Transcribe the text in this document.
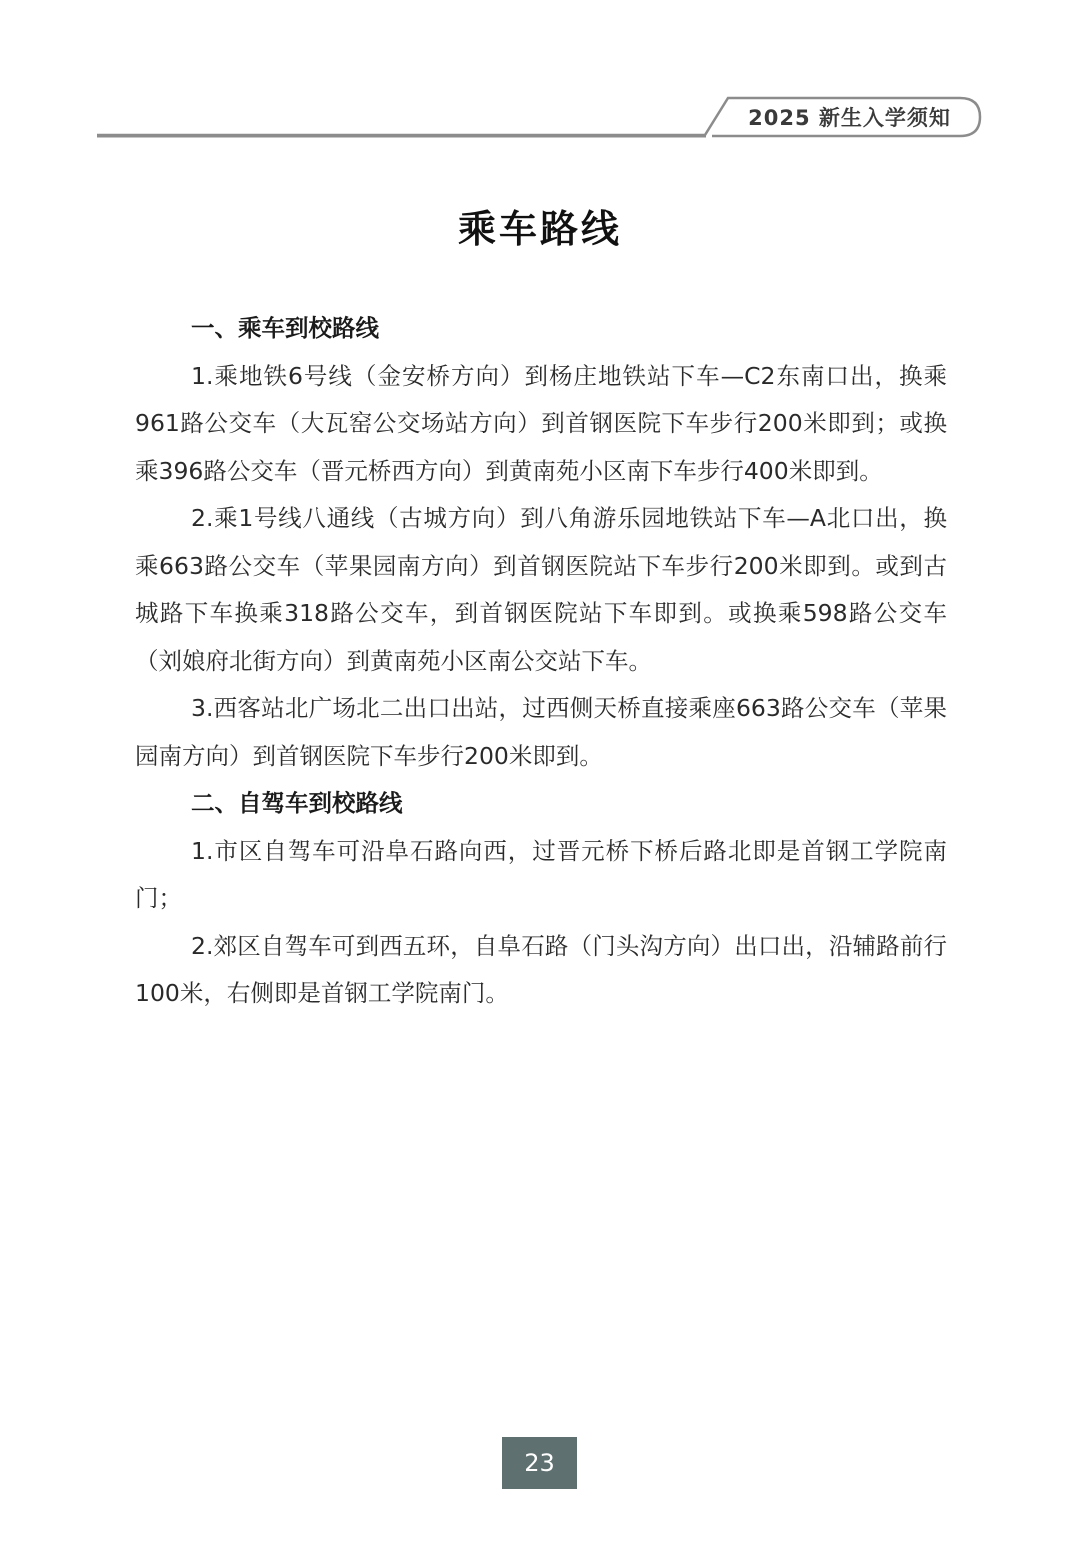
2025 新生入学须知
乘车路线
一、乘车到校路线

1.乘地铁6号线（金安桥方向）到杨庄地铁站下车—C2东南口出，换乘961路公交车（大瓦窑公交场站方向）到首钢医院下车步行200米即到；或换乘396路公交车（晋元桥西方向）到黄南苑小区南下车步行400米即到。

2.乘1号线八通线（古城方向）到八角游乐园地铁站下车—A北口出，换乘663路公交车（苹果园南方向）到首钢医院站下车步行200米即到。或到古城路下车换乘318路公交车，到首钢医院站下车即到。或换乘598路公交车（刘娘府北街方向）到黄南苑小区南公交站下车。

3.西客站北广场北二出口出站，过西侧天桥直接乘座663路公交车（苹果园南方向）到首钢医院下车步行200米即到。

二、自驾车到校路线

1.市区自驾车可沿阜石路向西，过晋元桥下桥后路北即是首钢工学院南门；

2.郊区自驾车可到西五环，自阜石路（门头沟方向）出口出，沿辅路前行100米，右侧即是首钢工学院南门。

23
